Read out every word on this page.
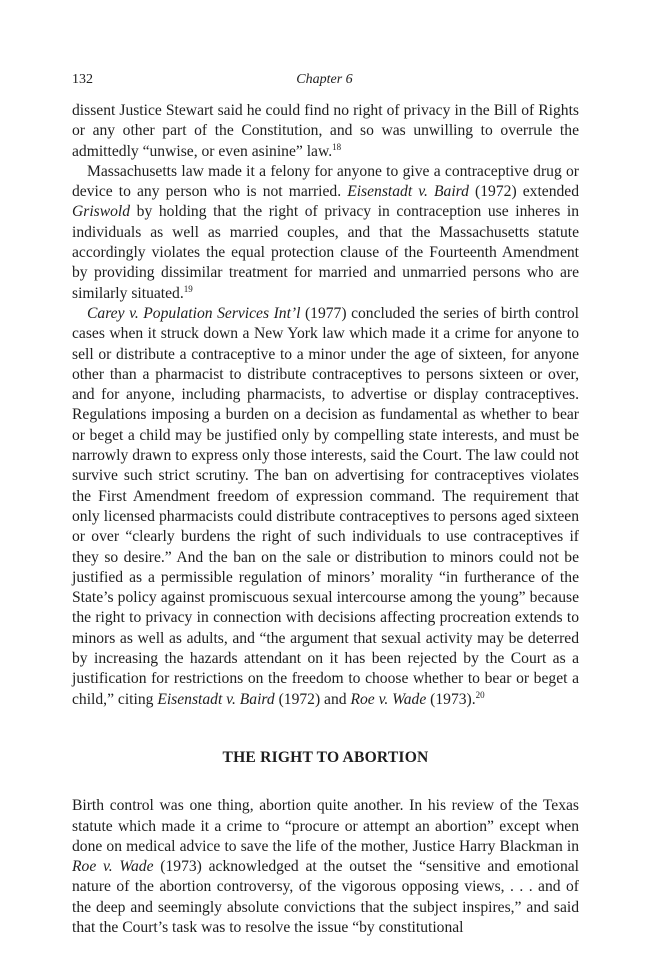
132	Chapter 6

dissent Justice Stewart said he could find no right of privacy in the Bill of Rights or any other part of the Constitution, and so was unwilling to overrule the admittedly “unwise, or even asinine” law.$^{18}$

Massachusetts law made it a felony for anyone to give a contraceptive drug or device to any person who is not married. Eisenstadt v. Baird (1972) extended Griswold by holding that the right of privacy in contraception use inheres in individuals as well as married couples, and that the Massachusetts statute accordingly violates the equal protection clause of the Fourteenth Amendment by providing dissimilar treatment for married and unmarried persons who are similarly situated.$^{19}$

Carey v. Population Services Int’l (1977) concluded the series of birth control cases when it struck down a New York law which made it a crime for anyone to sell or distribute a contraceptive to a minor under the age of sixteen, for anyone other than a pharmacist to distribute contraceptives to persons sixteen or over, and for anyone, including pharmacists, to advertise or display contraceptives. Regulations imposing a burden on a decision as fundamental as whether to bear or beget a child may be justified only by compelling state interests, and must be narrowly drawn to express only those interests, said the Court. The law could not survive such strict scrutiny. The ban on advertising for contraceptives violates the First Amendment freedom of expression command. The requirement that only licensed pharmacists could distribute contraceptives to persons aged sixteen or over “clearly burdens the right of such individuals to use contraceptives if they so desire.” And the ban on the sale or distribution to minors could not be justified as a permissible regulation of minors’ morality “in furtherance of the State’s policy against promiscuous sexual intercourse among the young” because the right to privacy in connection with decisions affecting procreation extends to minors as well as adults, and “the argument that sexual activity may be deterred by increasing the hazards attendant on it has been rejected by the Court as a justification for restrictions on the freedom to choose whether to bear or beget a child,” citing Eisenstadt v. Baird (1972) and Roe v. Wade (1973).$^{20}$

THE RIGHT TO ABORTION

Birth control was one thing, abortion quite another. In his review of the Texas statute which made it a crime to “procure or attempt an abortion” except when done on medical advice to save the life of the mother, Justice Harry Blackman in Roe v. Wade (1973) acknowledged at the outset the “sensitive and emotional nature of the abortion controversy, of the vigorous opposing views, . . . and of the deep and seemingly absolute convictions that the subject inspires,” and said that the Court’s task was to resolve the issue “by constitutional
